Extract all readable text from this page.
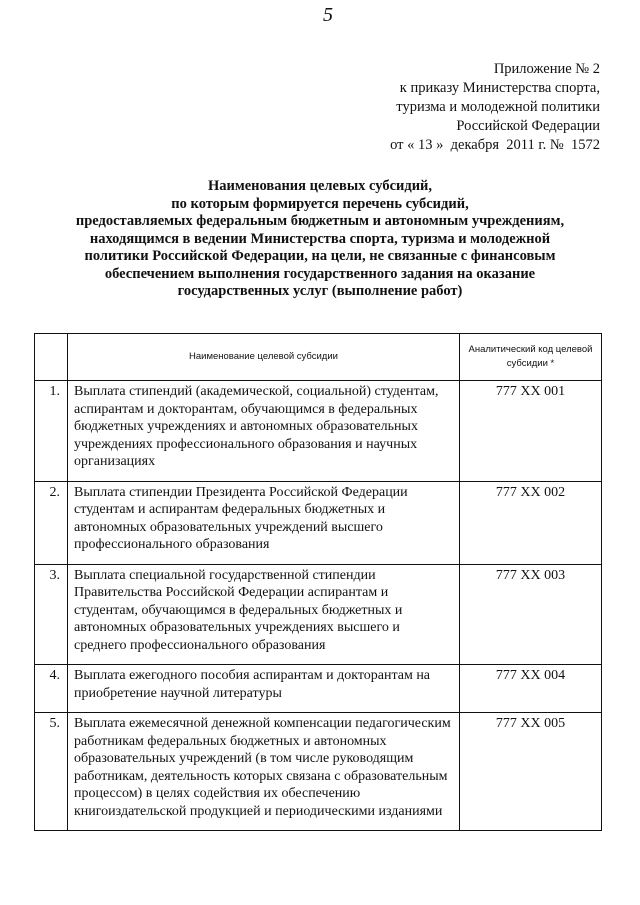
5
Приложение № 2
к приказу Министерства спорта,
туризма и молодежной политики
Российской Федерации
от « 13 »  декабря  2011 г. №  1572
Наименования целевых субсидий,
по которым формируется перечень субсидий,
предоставляемых федеральным бюджетным и автономным учреждениям,
находящимся в ведении Министерства спорта, туризма и молодежной
политики Российской Федерации, на цели, не связанные с финансовым
обеспечением выполнения государственного задания на оказание
государственных услуг (выполнение работ)
	Наименование целевой субсидии	Аналитический код целевой субсидии *
1.	Выплата стипендий (академической, социальной) студентам, аспирантам и докторантам, обучающимся в федеральных бюджетных учреждениях и автономных образовательных учреждениях профессионального образования и научных организациях	777 ХХ 001
2.	Выплата стипендии Президента Российской Федерации студентам и аспирантам федеральных бюджетных и автономных образовательных учреждений высшего профессионального образования	777 ХХ 002
3.	Выплата специальной государственной стипендии Правительства Российской Федерации аспирантам и студентам, обучающимся в федеральных бюджетных и автономных образовательных учреждениях высшего и среднего профессионального образования	777 ХХ 003
4.	Выплата ежегодного пособия аспирантам и докторантам на приобретение научной литературы	777 ХХ 004
5.	Выплата ежемесячной денежной компенсации педагогическим работникам федеральных бюджетных и автономных образовательных учреждений (в том числе руководящим работникам, деятельность которых связана с образовательным процессом) в целях содействия их обеспечению книгоиздательской продукцией и периодическими изданиями	777 ХХ 005
